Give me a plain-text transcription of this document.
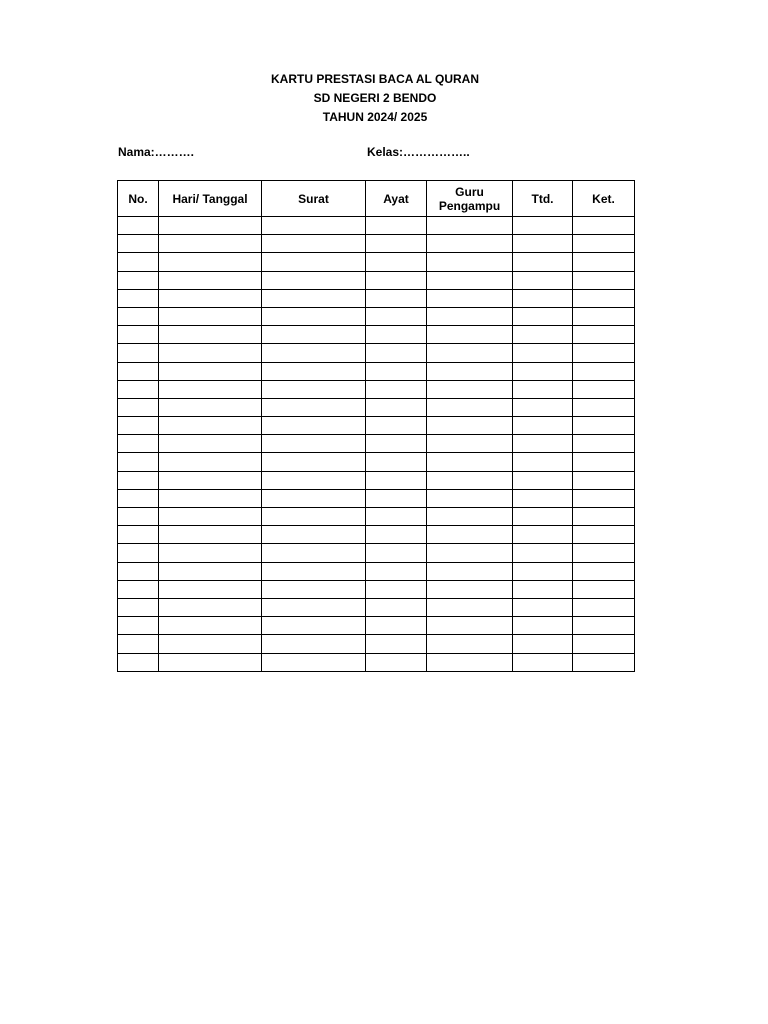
KARTU PRESTASI BACA AL QURAN
SD NEGERI 2 BENDO
TAHUN 2024/ 2025
Nama:……….	Kelas:……………..
No.	Hari/ Tanggal	Surat	Ayat	Guru Pengampu	Ttd.	Ket.
